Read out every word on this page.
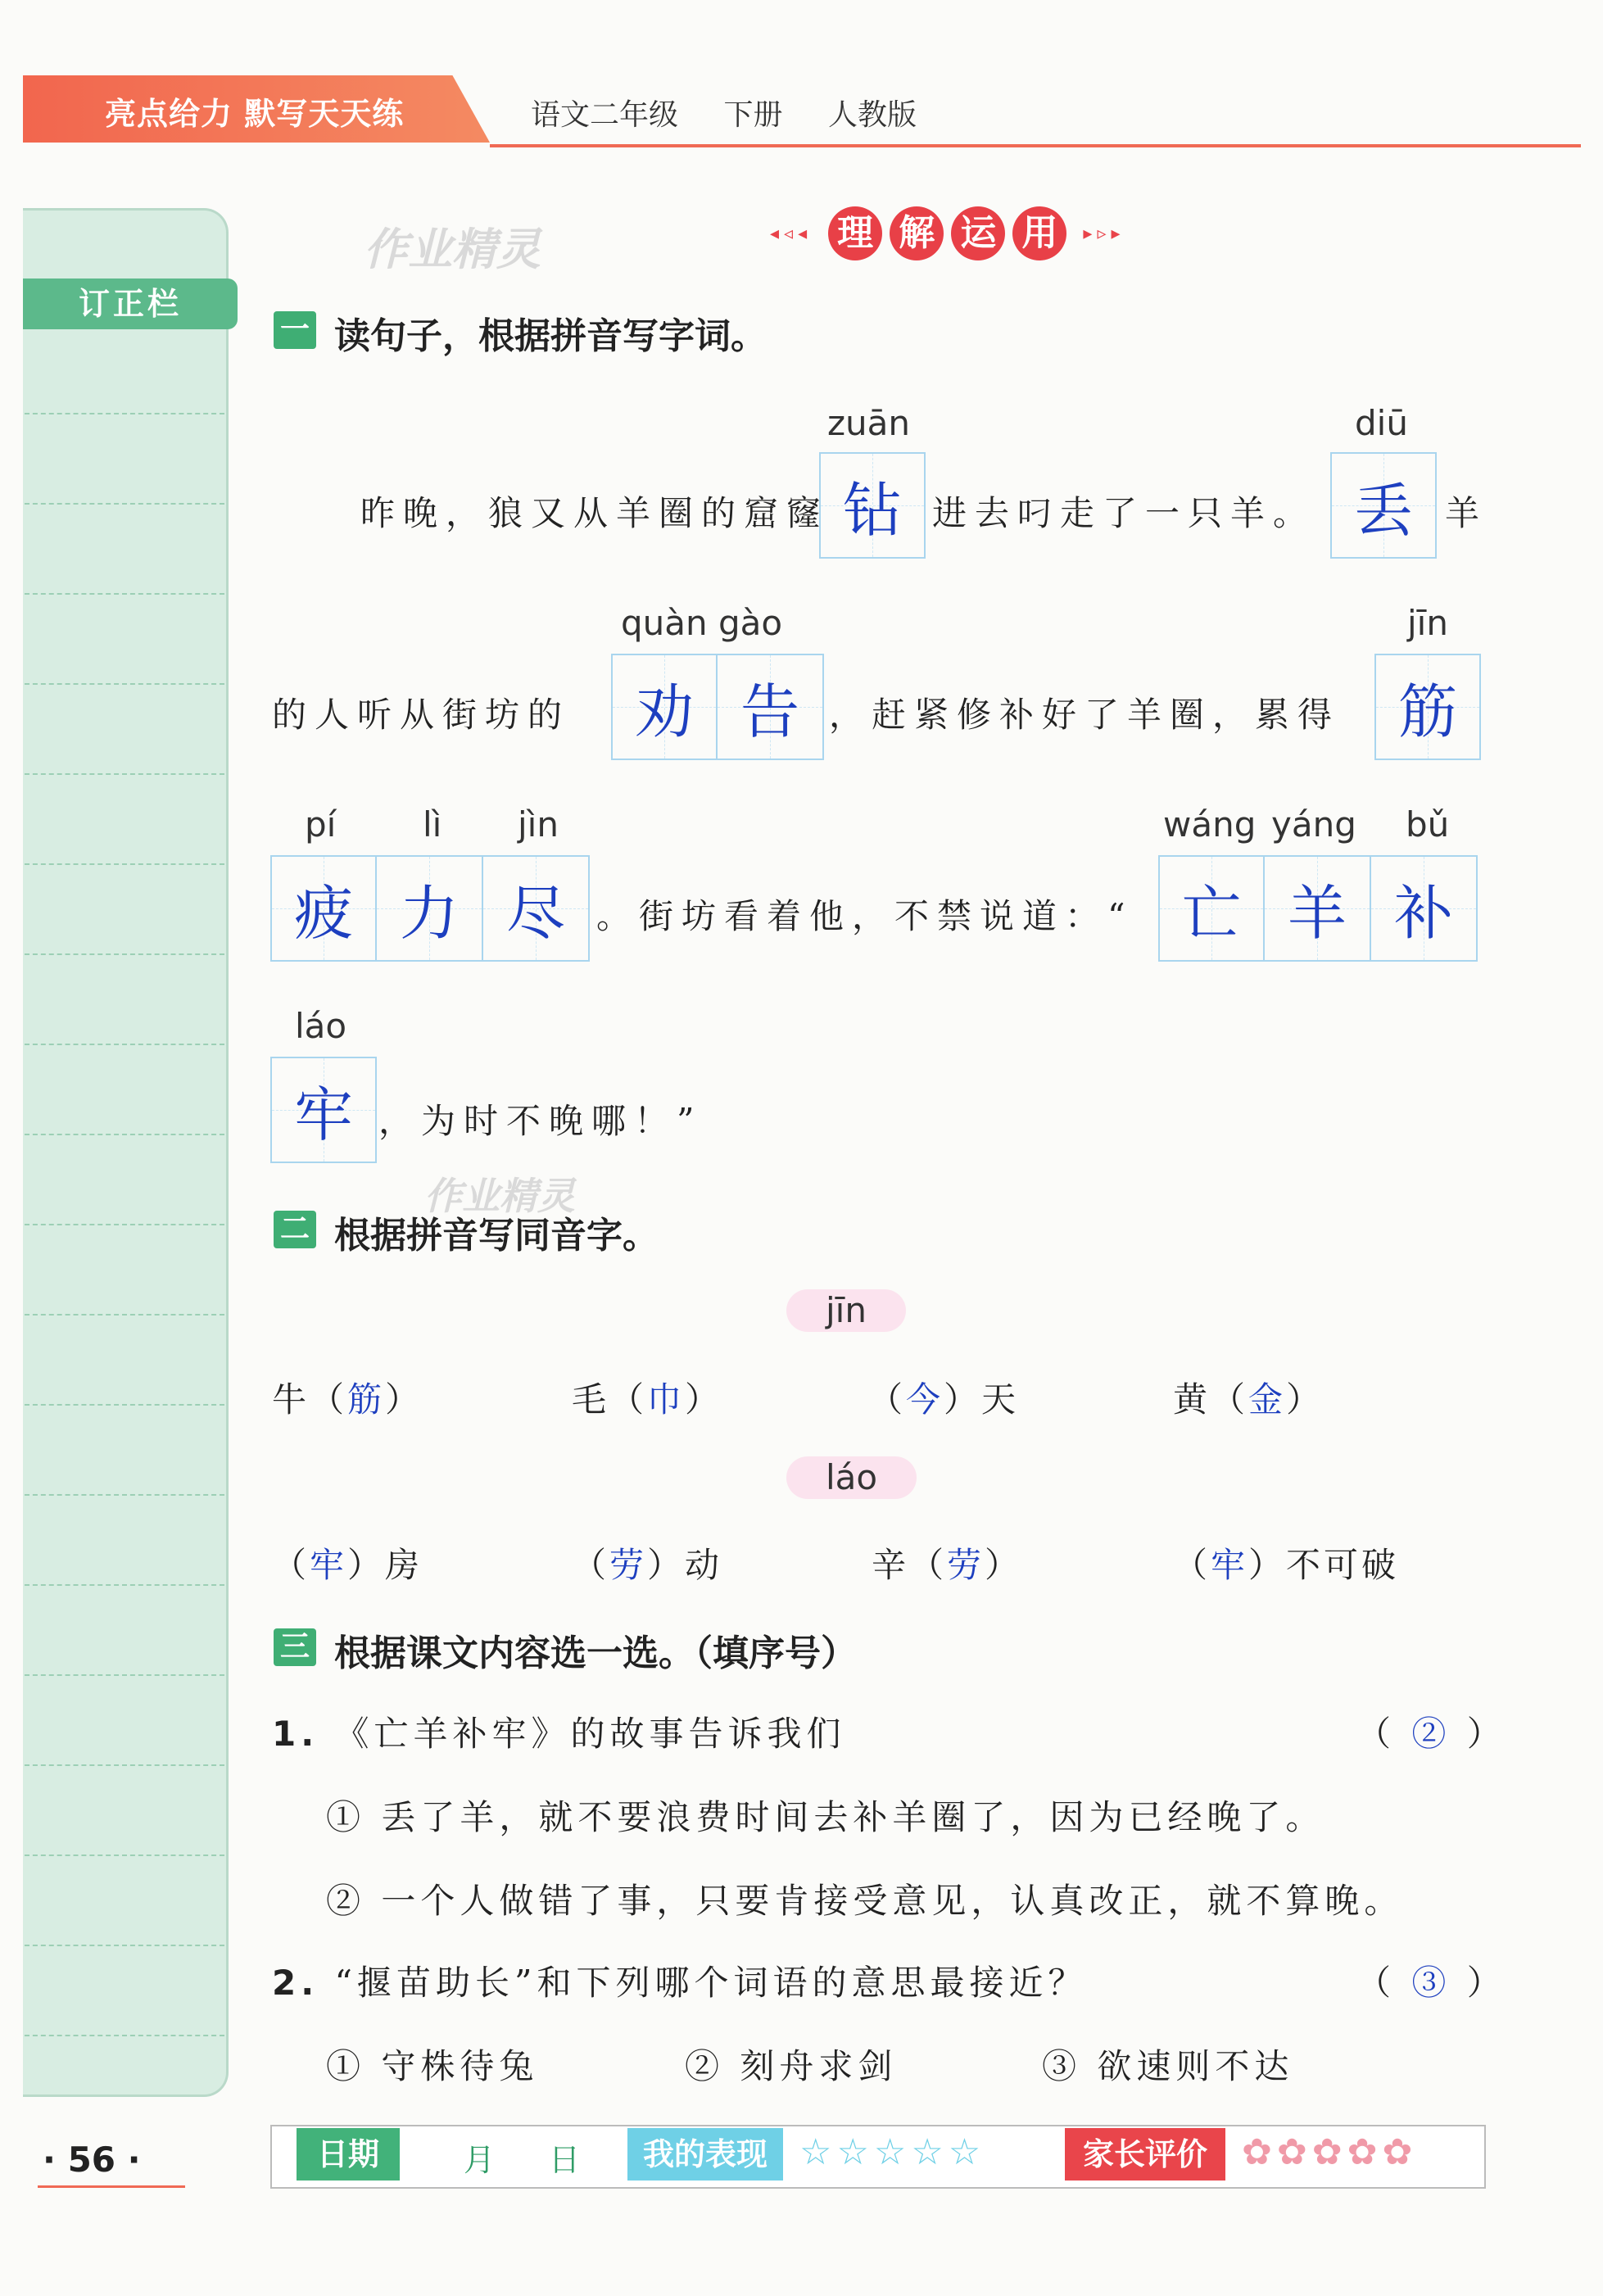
亮点给力 默写天天练	语文二年级 下册 人教版
订正栏
作业精灵
作业精灵
◂◃◂ 理 解 运 用	▸▹▸
一 读句子，根据拼音写字词。
zuān	diū
昨晚，狼又从羊圈的窟窿 钻 进去叼走了一只羊。 丢 羊
quàn gào	jīn
的人听从街坊的 劝 告 ，赶紧修补好了羊圈，累得 筋
pí	lì jìn	wáng yáng bǔ
疲 力 尽 。街坊看着他，不禁说道：“ 亡 羊 补
láo
牢 ，为时不晚哪！”
二 根据拼音写同音字。
jīn
牛（筋）	毛（巾）	（今）天	黄（金）
láo
（牢）房	（劳）动	辛（劳）	（牢）不可破
三 根据课文内容选一选。（填序号）
1. 《亡羊补牢》的故事告诉我们	（ ② ）
① 丢了羊，就不要浪费时间去补羊圈了，因为已经晚了。
② 一个人做错了事，只要肯接受意见，认真改正，就不算晚。
2. “揠苗助长”和下列哪个词语的意思最接近？	（ ③ ）
① 守株待兔	② 刻舟求剑	③ 欲速则不达
· 56 ·	日期	月 日	我的表现 ☆☆☆☆☆	家长评价 ✿✿✿✿✿
